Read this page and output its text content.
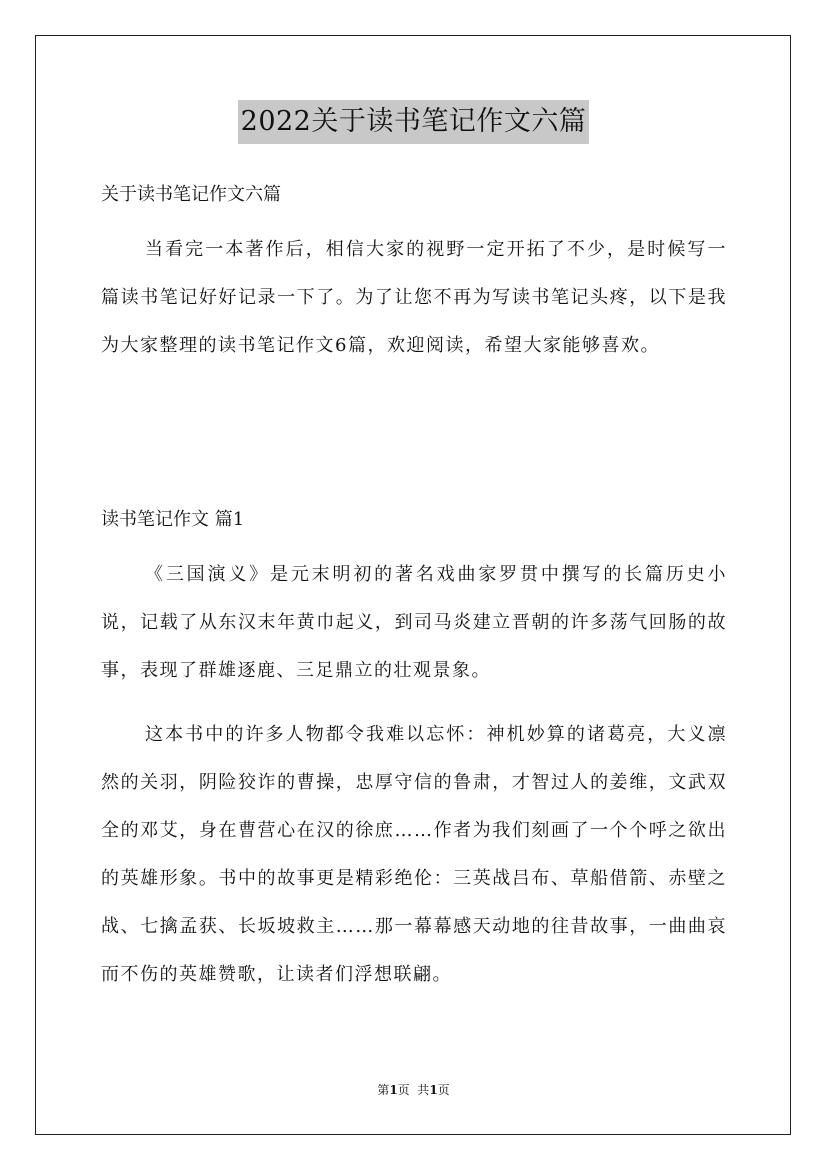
2022关于读书笔记作文六篇
关于读书笔记作文六篇
当看完一本著作后，相信大家的视野一定开拓了不少，是时候写一篇读书笔记好好记录一下了。为了让您不再为写读书笔记头疼，以下是我为大家整理的读书笔记作文6篇，欢迎阅读，希望大家能够喜欢。
读书笔记作文 篇1
《三国演义》是元末明初的著名戏曲家罗贯中撰写的长篇历史小说，记载了从东汉末年黄巾起义，到司马炎建立晋朝的许多荡气回肠的故事，表现了群雄逐鹿、三足鼎立的壮观景象。
这本书中的许多人物都令我难以忘怀：神机妙算的诸葛亮，大义凛然的关羽，阴险狡诈的曹操，忠厚守信的鲁肃，才智过人的姜维，文武双全的邓艾，身在曹营心在汉的徐庶……作者为我们刻画了一个个呼之欲出的英雄形象。书中的故事更是精彩绝伦：三英战吕布、草船借箭、赤壁之战、七擒孟获、长坂坡救主……那一幕幕感天动地的往昔故事，一曲曲哀而不伤的英雄赞歌，让读者们浮想联翩。
第1页  共1页
